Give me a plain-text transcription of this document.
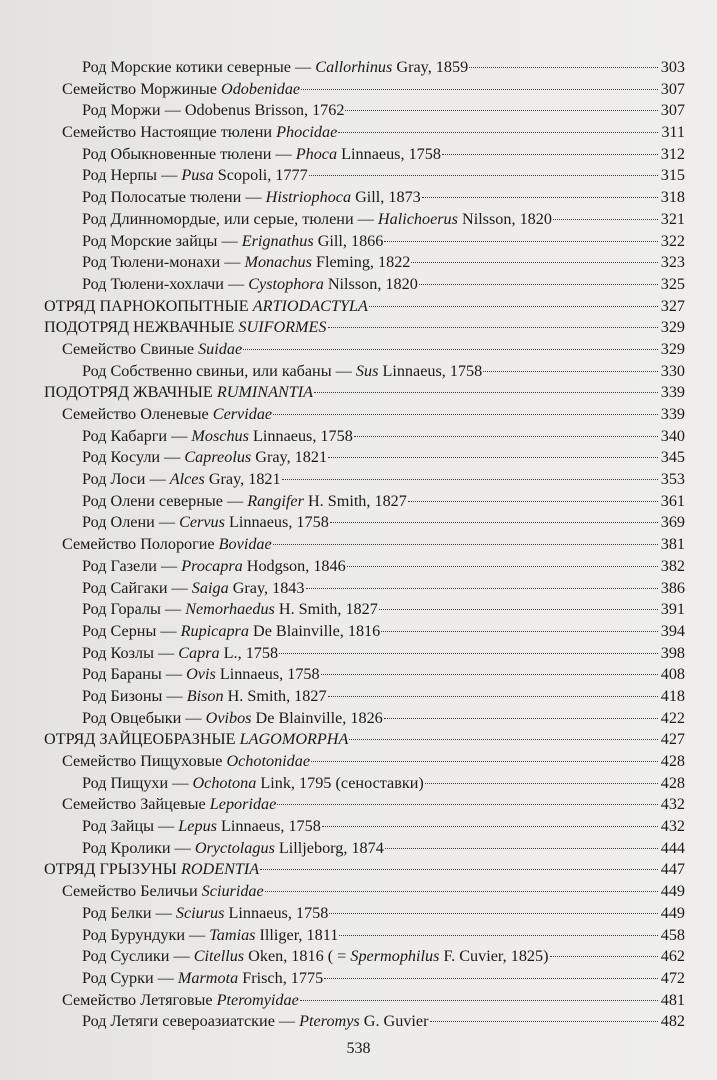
Род Морские котики северные — Callorhinus Gray, 1859	303
Семейство Моржиные Odobenidae	307
Род Моржи — Odobenus Brisson, 1762	307
Семейство Настоящие тюлени Phocidae	311
Род Обыкновенные тюлени — Phoca Linnaeus, 1758	312
Род Нерпы — Pusa Scopoli, 1777	315
Род Полосатые тюлени — Histriophoca Gill, 1873	318
Род Длинномордые, или серые, тюлени — Halichoerus Nilsson, 1820	321
Род Морские зайцы — Erignathus Gill, 1866	322
Род Тюлени-монахи — Monachus Fleming, 1822	323
Род Тюлени-хохлачи — Cystophora Nilsson, 1820	325
ОТРЯД ПАРНОКОПЫТНЫЕ ARTIODACTYLA	327
ПОДОТРЯД НЕЖВАЧНЫЕ SUIFORMES	329
Семейство Свиные Suidae	329
Род Собственно свиньи, или кабаны — Sus Linnaeus, 1758	330
ПОДОТРЯД ЖВАЧНЫЕ RUMINANTIA	339
Семейство Оленевые Cervidae	339
Род Кабарги — Moschus Linnaeus, 1758	340
Род Косули — Capreolus Gray, 1821	345
Род Лоси — Alces Gray, 1821	353
Род Олени северные — Rangifer H. Smith, 1827	361
Род Олени — Cervus Linnaeus, 1758	369
Семейство Полорогие Bovidae	381
Род Газели — Procapra Hodgson, 1846	382
Род Сайгаки — Saiga Gray, 1843	386
Род Горалы — Nemorhaedus H. Smith, 1827	391
Род Серны — Rupicapra De Blainville, 1816	394
Род Козлы — Capra L., 1758	398
Род Бараны — Ovis Linnaeus, 1758	408
Род Бизоны — Bison H. Smith, 1827	418
Род Овцебыки — Ovibos De Blainville, 1826	422
ОТРЯД ЗАЙЦЕОБРАЗНЫЕ LAGOMORPHA	427
Семейство Пищуховые Ochotonidae	428
Род Пищухи — Ochotona Link, 1795 (сеноставки)	428
Семейство Зайцевые Leporidae	432
Род Зайцы — Lepus Linnaeus, 1758	432
Род Кролики — Oryctolagus Lilljeborg, 1874	444
ОТРЯД ГРЫЗУНЫ RODENTIA	447
Семейство Беличьи Sciuridae	449
Род Белки — Sciurus Linnaeus, 1758	449
Род Бурундуки — Tamias Illiger, 1811	458
Род Суслики — Citellus Oken, 1816 ( = Spermophilus F. Cuvier, 1825)	462
Род Сурки — Marmota Frisch, 1775	472
Семейство Летяговые Pteromyidae	481
Род Летяги североазиатские — Pteromys G. Guvier	482
538
